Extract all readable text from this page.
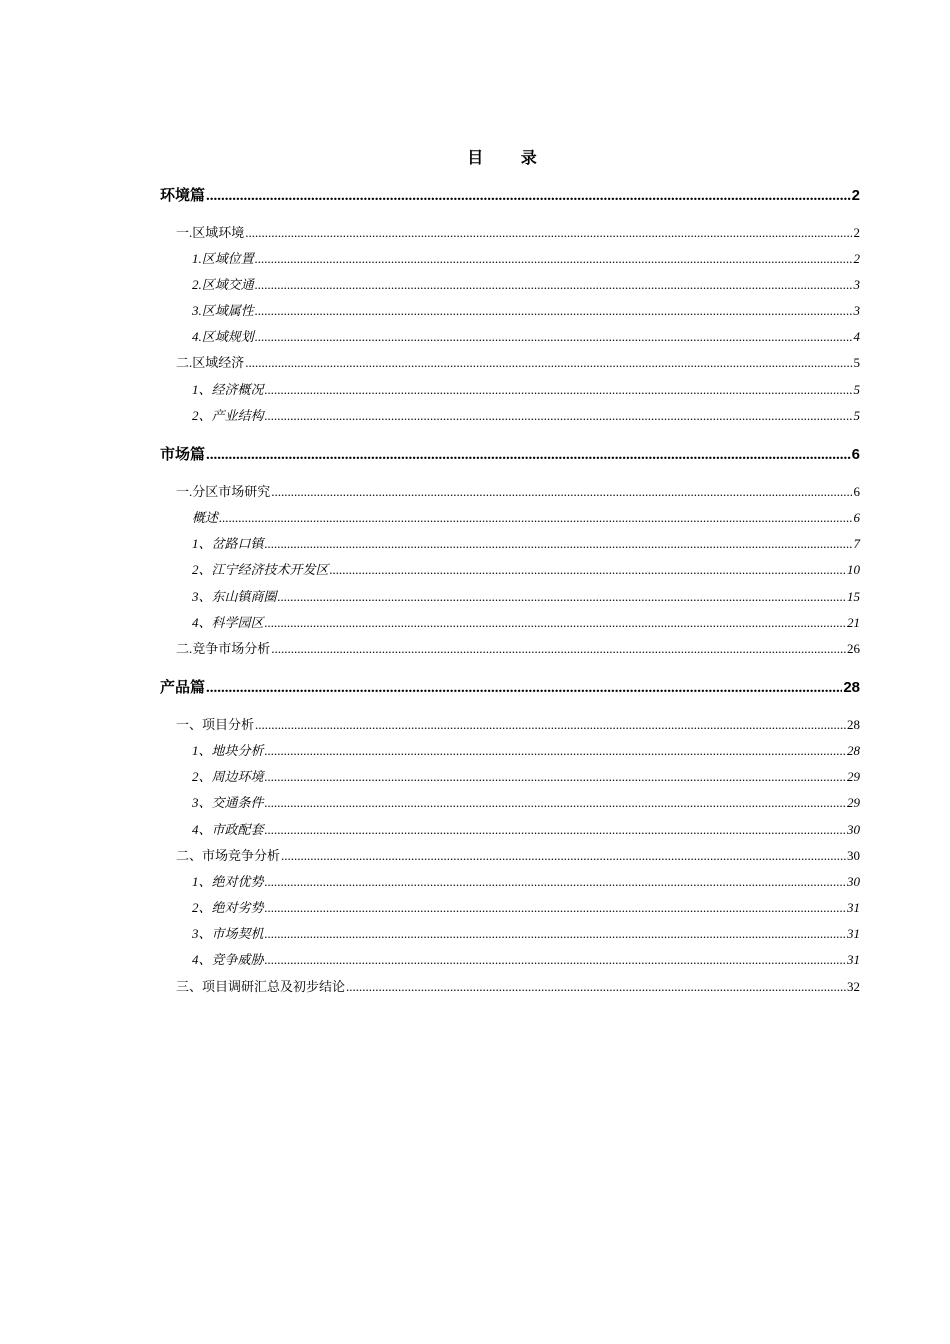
目 录
环境篇 .....	2
一.区域环境 .....	2
1.区域位置 .....	2
2.区域交通 .....	3
3.区域属性 .....	3
4.区域规划 .....	4
二.区域经济 .....	5
1、经济概况 .....	5
2、产业结构 .....	5
市场篇 .....	6
一.分区市场研究 .....	6
概述 .....	6
1、岔路口镇 .....	7
2、江宁经济技术开发区 .....	10
3、东山镇商圈 .....	15
4、科学园区 .....	21
二.竞争市场分析 .....	26
产品篇 .....	28
一、项目分析 .....	28
1、地块分析 .....	28
2、周边环境 .....	29
3、交通条件 .....	29
4、市政配套 .....	30
二、市场竞争分析 .....	30
1、绝对优势 .....	30
2、绝对劣势 .....	31
3、市场契机 .....	31
4、竞争威胁 .....	31
三、项目调研汇总及初步结论 .....	32
